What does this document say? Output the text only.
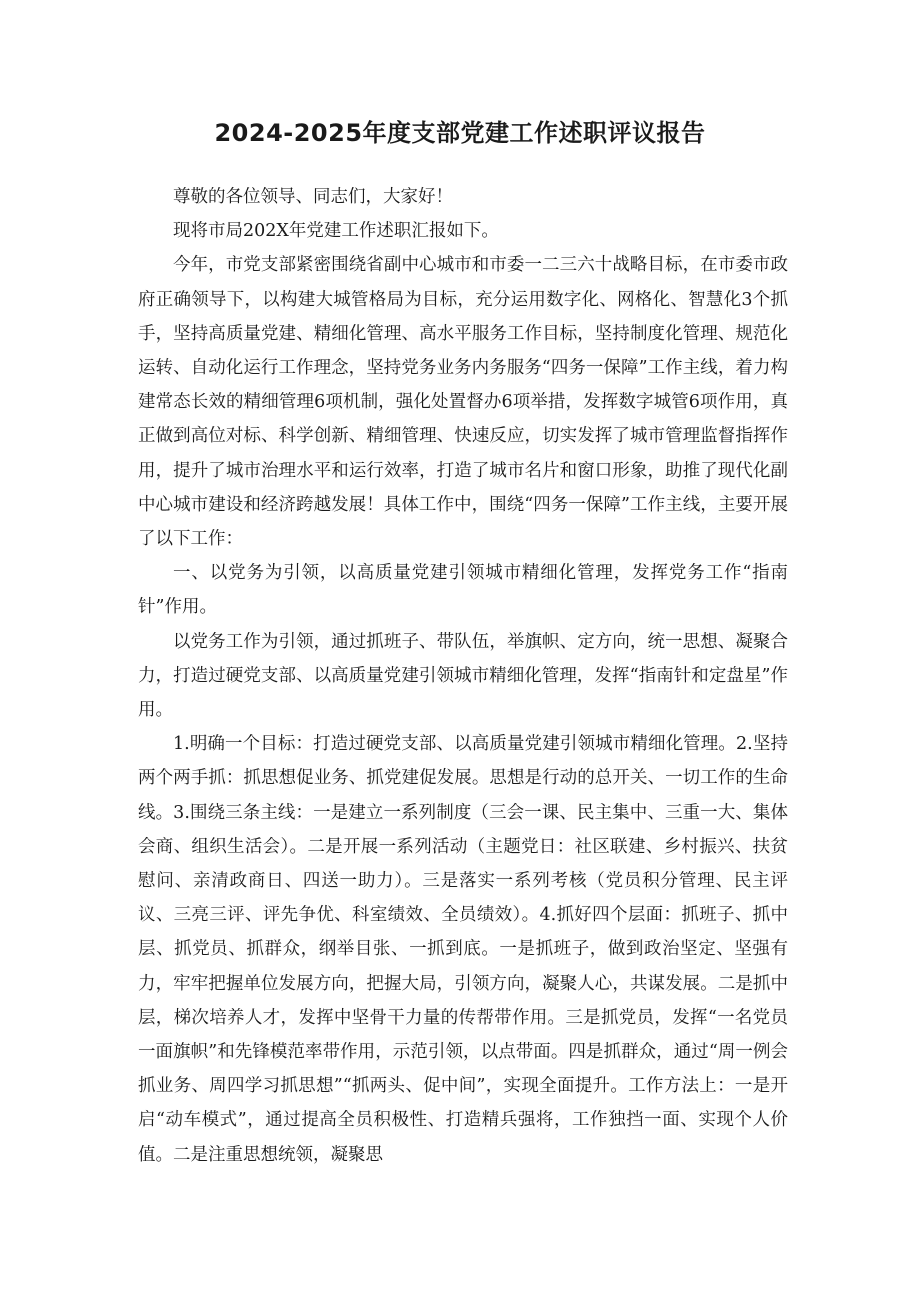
2024-2025年度支部党建工作述职评议报告

尊敬的各位领导、同志们，大家好！

现将市局202X年党建工作述职汇报如下。

今年，市党支部紧密围绕省副中心城市和市委一二三六十战略目标，在市委市政府正确领导下，以构建大城管格局为目标，充分运用数字化、网格化、智慧化3个抓手，坚持高质量党建、精细化管理、高水平服务工作目标，坚持制度化管理、规范化运转、自动化运行工作理念，坚持党务业务内务服务“四务一保障”工作主线，着力构建常态长效的精细管理6项机制，强化处置督办6项举措，发挥数字城管6项作用，真正做到高位对标、科学创新、精细管理、快速反应，切实发挥了城市管理监督指挥作用，提升了城市治理水平和运行效率，打造了城市名片和窗口形象，助推了现代化副中心城市建设和经济跨越发展！具体工作中，围绕“四务一保障”工作主线，主要开展了以下工作：

一、以党务为引领，以高质量党建引领城市精细化管理，发挥党务工作“指南针”作用。

以党务工作为引领，通过抓班子、带队伍，举旗帜、定方向，统一思想、凝聚合力，打造过硬党支部、以高质量党建引领城市精细化管理，发挥“指南针和定盘星”作用。

1.明确一个目标：打造过硬党支部、以高质量党建引领城市精细化管理。2.坚持两个两手抓：抓思想促业务、抓党建促发展。思想是行动的总开关、一切工作的生命线。3.围绕三条主线：一是建立一系列制度（三会一课、民主集中、三重一大、集体会商、组织生活会）。二是开展一系列活动（主题党日：社区联建、乡村振兴、扶贫慰问、亲清政商日、四送一助力）。三是落实一系列考核（党员积分管理、民主评议、三亮三评、评先争优、科室绩效、全员绩效）。4.抓好四个层面：抓班子、抓中层、抓党员、抓群众，纲举目张、一抓到底。一是抓班子，做到政治坚定、坚强有力，牢牢把握单位发展方向，把握大局，引领方向，凝聚人心，共谋发展。二是抓中层，梯次培养人才，发挥中坚骨干力量的传帮带作用。三是抓党员，发挥“一名党员一面旗帜”和先锋模范率带作用，示范引领，以点带面。四是抓群众，通过“周一例会抓业务、周四学习抓思想”“抓两头、促中间”，实现全面提升。工作方法上：一是开启“动车模式”，通过提高全员积极性、打造精兵强将，工作独挡一面、实现个人价值。二是注重思想统领，凝聚思
